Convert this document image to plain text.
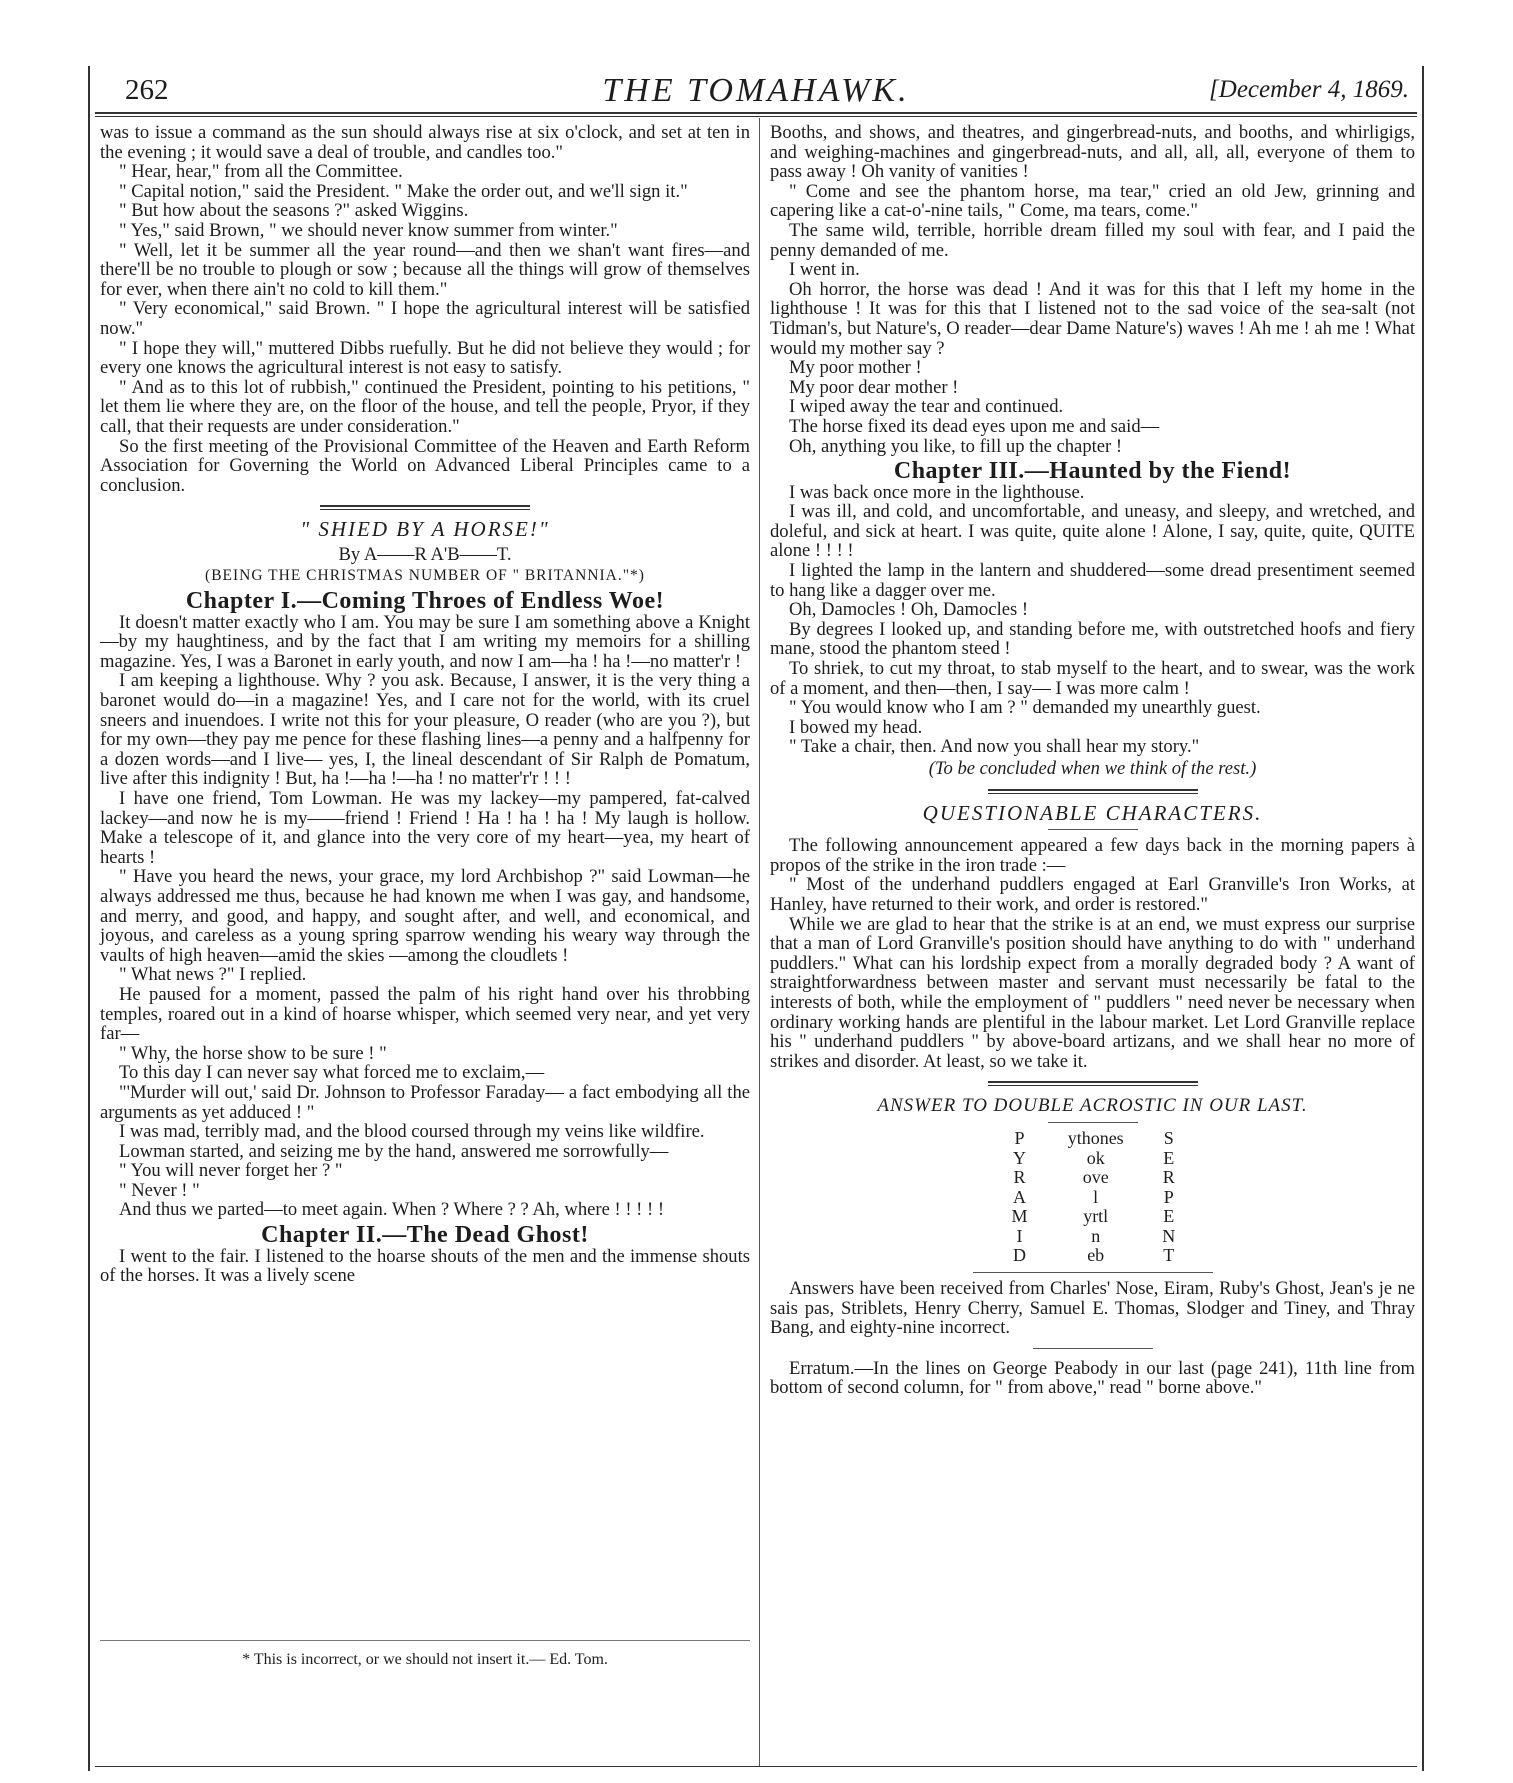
262	THE TOMAHAWK.	[December 4, 1869.

was to issue a command as the sun should always rise at six o'clock, and set at ten in the evening ; it would save a deal of trouble, and candles too."

" Hear, hear," from all the Committee.

" Capital notion," said the President. " Make the order out, and we'll sign it."

" But how about the seasons ?" asked Wiggins.

" Yes," said Brown, " we should never know summer from winter."

" Well, let it be summer all the year round—and then we shan't want fires—and there'll be no trouble to plough or sow ; because all the things will grow of themselves for ever, when there ain't no cold to kill them."

" Very economical," said Brown. " I hope the agricultural interest will be satisfied now."

" I hope they will," muttered Dibbs ruefully. But he did not believe they would ; for every one knows the agricultural interest is not easy to satisfy.

" And as to this lot of rubbish," continued the President, pointing to his petitions, " let them lie where they are, on the floor of the house, and tell the people, Pryor, if they call, that their requests are under consideration."

So the first meeting of the Provisional Committee of the Heaven and Earth Reform Association for Governing the World on Advanced Liberal Principles came to a conclusion.

" SHIED BY A HORSE!"
By A——R A'B——T.
(BEING THE CHRISTMAS NUMBER OF " BRITANNIA."*)
Chapter I.—Coming Throes of Endless Woe!

It doesn't matter exactly who I am. You may be sure I am something above a Knight—by my haughtiness, and by the fact that I am writing my memoirs for a shilling magazine. Yes, I was a Baronet in early youth, and now I am—ha ! ha !—no matter'r !

I am keeping a lighthouse. Why ? you ask. Because, I answer, it is the very thing a baronet would do—in a magazine! Yes, and I care not for the world, with its cruel sneers and inuendoes. I write not this for your pleasure, O reader (who are you ?), but for my own—they pay me pence for these flashing lines—a penny and a halfpenny for a dozen words—and I live— yes, I, the lineal descendant of Sir Ralph de Pomatum, live after this indignity ! But, ha !—ha !—ha ! no matter'r'r ! ! !

I have one friend, Tom Lowman. He was my lackey—my pampered, fat-calved lackey—and now he is my——friend ! Friend ! Ha ! ha ! ha ! My laugh is hollow. Make a telescope of it, and glance into the very core of my heart—yea, my heart of hearts !

" Have you heard the news, your grace, my lord Archbishop ?" said Lowman—he always addressed me thus, because he had known me when I was gay, and handsome, and merry, and good, and happy, and sought after, and well, and economical, and joyous, and careless as a young spring sparrow wending his weary way through the vaults of high heaven—amid the skies —among the cloudlets !

" What news ?" I replied.

He paused for a moment, passed the palm of his right hand over his throbbing temples, roared out in a kind of hoarse whisper, which seemed very near, and yet very far—

" Why, the horse show to be sure ! "

To this day I can never say what forced me to exclaim,—

"'Murder will out,' said Dr. Johnson to Professor Faraday— a fact embodying all the arguments as yet adduced ! "

I was mad, terribly mad, and the blood coursed through my veins like wildfire.

Lowman started, and seizing me by the hand, answered me sorrowfully—

" You will never forget her ? "

" Never ! "

And thus we parted—to meet again. When ? Where ? ? Ah, where ! ! ! ! !

Chapter II.—The Dead Ghost!

I went to the fair. I listened to the hoarse shouts of the men and the immense shouts of the horses. It was a lively scene

* This is incorrect, or we should not insert it.— Ed. Tom.

Booths, and shows, and theatres, and gingerbread-nuts, and booths, and whirligigs, and weighing-machines and gingerbread-nuts, and all, all, all, everyone of them to pass away ! Oh vanity of vanities !

" Come and see the phantom horse, ma tear," cried an old Jew, grinning and capering like a cat-o'-nine tails, " Come, ma tears, come."

The same wild, terrible, horrible dream filled my soul with fear, and I paid the penny demanded of me.

I went in.

Oh horror, the horse was dead ! And it was for this that I left my home in the lighthouse ! It was for this that I listened not to the sad voice of the sea-salt (not Tidman's, but Nature's, O reader—dear Dame Nature's) waves ! Ah me ! ah me ! What would my mother say ?

My poor mother !

My poor dear mother !

I wiped away the tear and continued.

The horse fixed its dead eyes upon me and said—

Oh, anything you like, to fill up the chapter !

Chapter III.—Haunted by the Fiend!

I was back once more in the lighthouse.

I was ill, and cold, and uncomfortable, and uneasy, and sleepy, and wretched, and doleful, and sick at heart. I was quite, quite alone ! Alone, I say, quite, quite, QUITE alone ! ! ! !

I lighted the lamp in the lantern and shuddered—some dread presentiment seemed to hang like a dagger over me.

Oh, Damocles ! Oh, Damocles !

By degrees I looked up, and standing before me, with outstretched hoofs and fiery mane, stood the phantom steed !

To shriek, to cut my throat, to stab myself to the heart, and to swear, was the work of a moment, and then—then, I say— I was more calm !

" You would know who I am ? " demanded my unearthly guest.

I bowed my head.

" Take a chair, then. And now you shall hear my story."

(To be concluded when we think of the rest.)
QUESTIONABLE CHARACTERS.

The following announcement appeared a few days back in the morning papers à propos of the strike in the iron trade :—

" Most of the underhand puddlers engaged at Earl Granville's Iron Works, at Hanley, have returned to their work, and order is restored."

While we are glad to hear that the strike is at an end, we must express our surprise that a man of Lord Granville's position should have anything to do with " underhand puddlers." What can his lordship expect from a morally degraded body ? A want of straightforwardness between master and servant must necessarily be fatal to the interests of both, while the employment of " puddlers " need never be necessary when ordinary working hands are plentiful in the labour market. Let Lord Granville replace his " underhand puddlers " by above-board artizans, and we shall hear no more of strikes and disorder. At least, so we take it.

ANSWER TO DOUBLE ACROSTIC IN OUR LAST.
P	ythones	S
Y	ok	E
R	ove	R
A	l	P
M	yrtl	E
I	n	N
D	eb	T

Answers have been received from Charles' Nose, Eiram, Ruby's Ghost, Jean's je ne sais pas, Striblets, Henry Cherry, Samuel E. Thomas, Slodger and Tiney, and Thray Bang, and eighty-nine incorrect.

Erratum.—In the lines on George Peabody in our last (page 241), 11th line from bottom of second column, for " from above," read " borne above."
